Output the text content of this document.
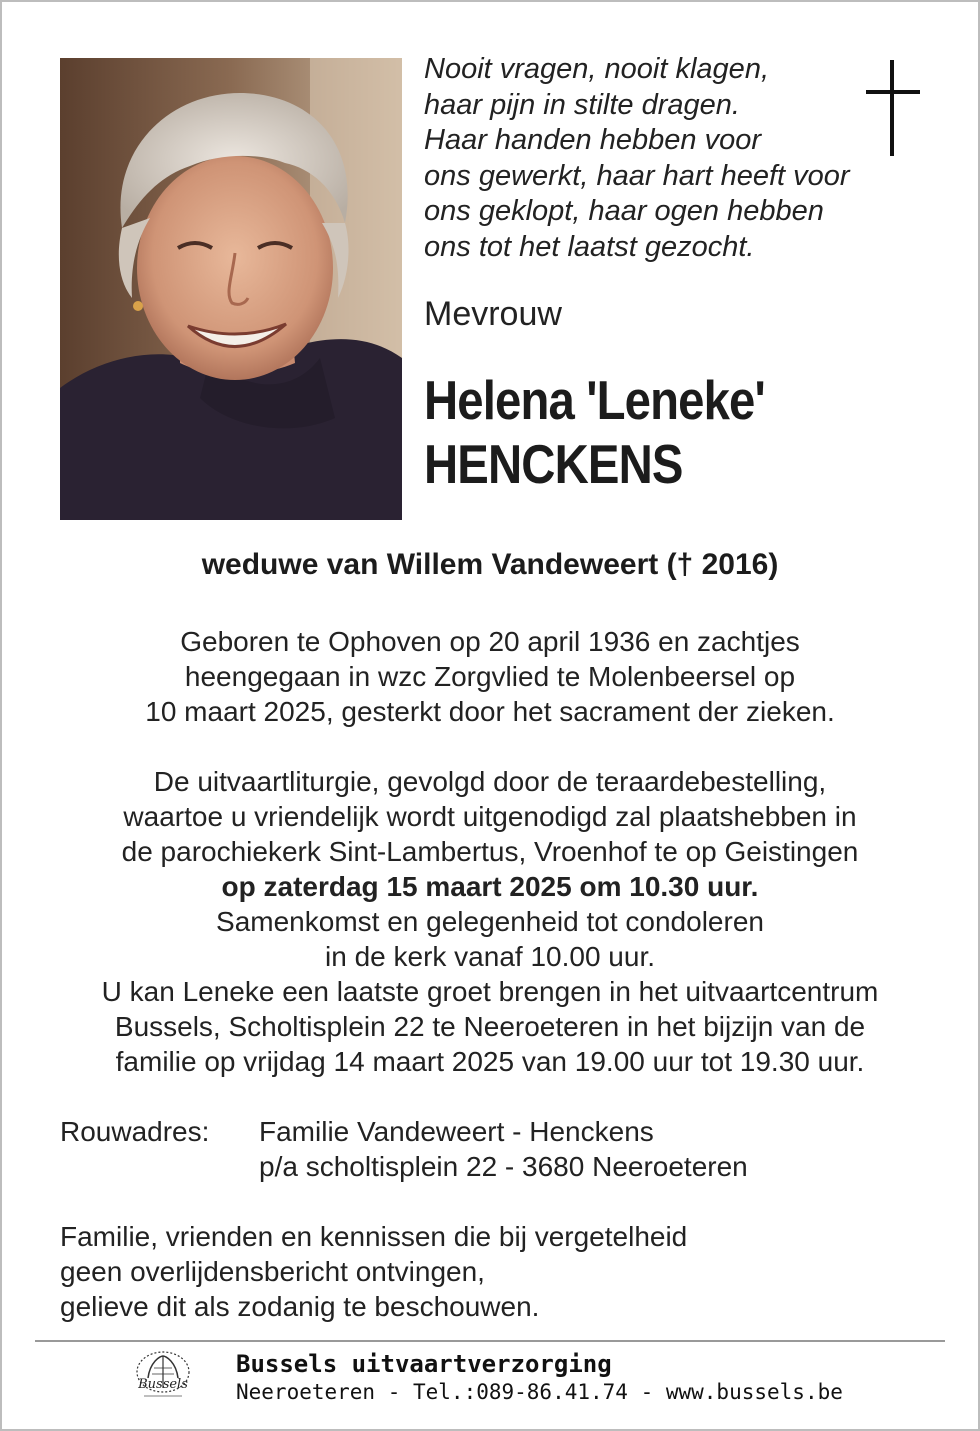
Nooit vragen, nooit klagen,
haar pijn in stilte dragen.
Haar handen hebben voor
ons gewerkt, haar hart heeft voor
ons geklopt, haar ogen hebben
ons tot het laatst gezocht.
Mevrouw
Helena 'Leneke'
HENCKENS
weduwe van Willem Vandeweert († 2016)
Geboren te Ophoven op 20 april 1936 en zachtjes
heengegaan in wzc Zorgvlied te Molenbeersel op
10 maart 2025, gesterkt door het sacrament der zieken.
De uitvaartliturgie, gevolgd door de teraardebestelling,
waartoe u vriendelijk wordt uitgenodigd zal plaatshebben in
de parochiekerk Sint-Lambertus, Vroenhof te op Geistingen
op zaterdag 15 maart 2025 om 10.30 uur.
Samenkomst en gelegenheid tot condoleren
in de kerk vanaf 10.00 uur.
U kan Leneke een laatste groet brengen in het uitvaartcentrum
Bussels, Scholtisplein 22 te Neeroeteren in het bijzijn van de
familie op vrijdag 14 maart 2025 van 19.00 uur tot 19.30 uur.
Rouwadres: Familie Vandeweert - Henckens
p/a scholtisplein 22 - 3680 Neeroeteren
Familie, vrienden en kennissen die bij vergetelheid
geen overlijdensbericht ontvingen,
gelieve dit als zodanig te beschouwen.
Bussels
Bussels uitvaartverzorging
Neeroeteren - Tel.:089-86.41.74 - www.bussels.be
